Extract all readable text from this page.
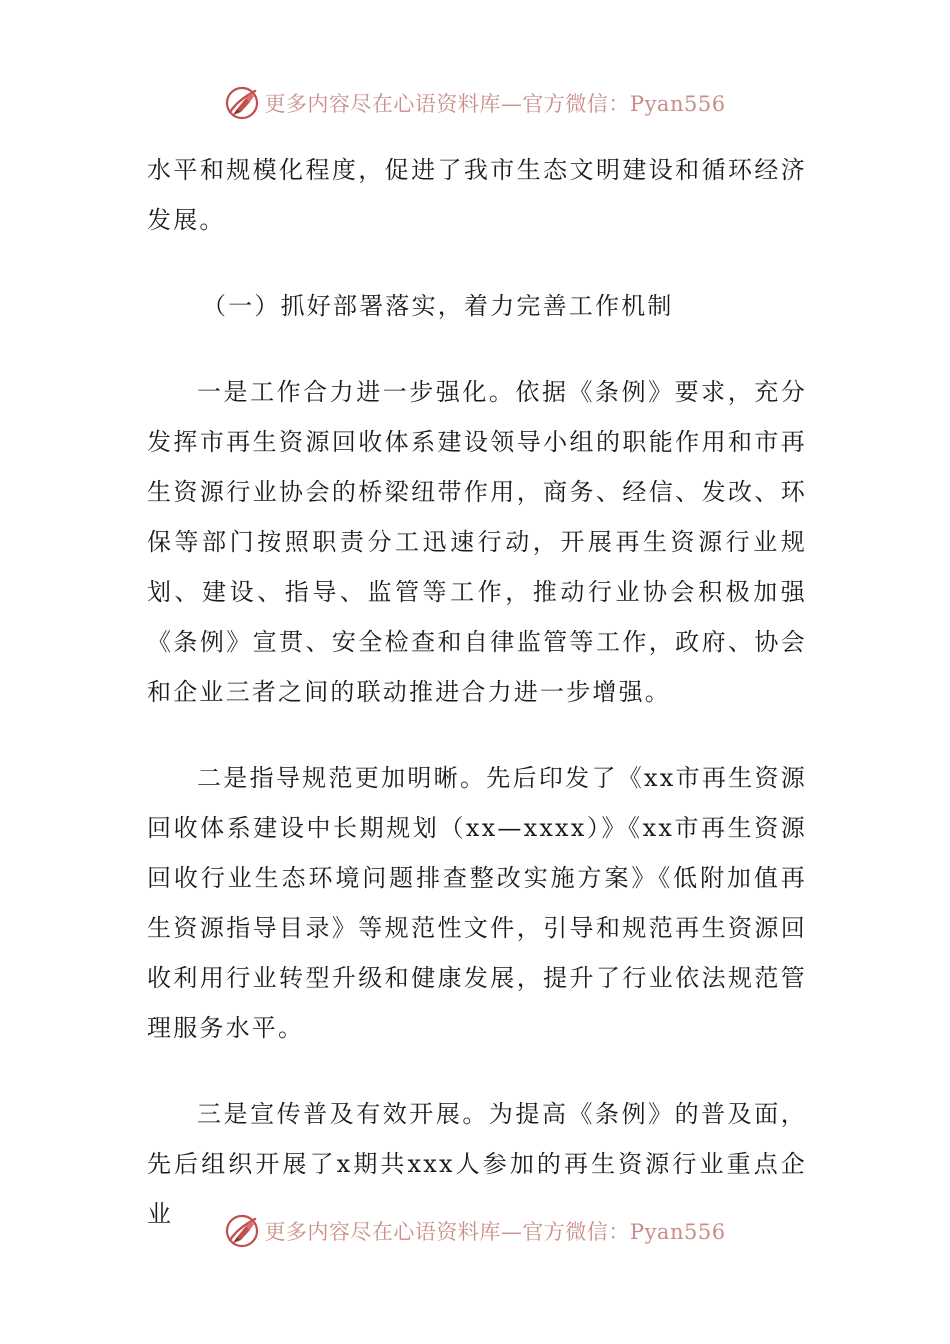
更多内容尽在心语资料库—官方微信：Pyan556

水平和规模化程度，促进了我市生态文明建设和循环经济发展。

（一）抓好部署落实，着力完善工作机制

一是工作合力进一步强化。依据《条例》要求，充分发挥市再生资源回收体系建设领导小组的职能作用和市再生资源行业协会的桥梁纽带作用，商务、经信、发改、环保等部门按照职责分工迅速行动，开展再生资源行业规划、建设、指导、监管等工作，推动行业协会积极加强《条例》宣贯、安全检查和自律监管等工作，政府、协会和企业三者之间的联动推进合力进一步增强。

二是指导规范更加明晰。先后印发了《xx市再生资源回收体系建设中长期规划（xx—xxxx）》《xx市再生资源回收行业生态环境问题排查整改实施方案》《低附加值再生资源指导目录》等规范性文件，引导和规范再生资源回收利用行业转型升级和健康发展，提升了行业依法规范管理服务水平。

三是宣传普及有效开展。为提高《条例》的普及面，先后组织开展了x期共xxx人参加的再生资源行业重点企业

更多内容尽在心语资料库—官方微信：Pyan556
